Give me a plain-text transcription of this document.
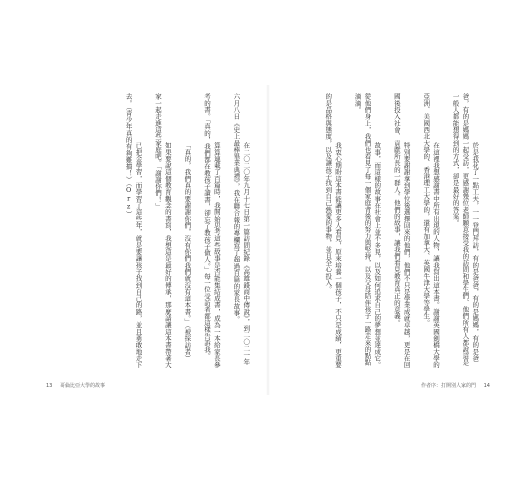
在二〇二〇年九月十七日第一篇訪問紀錄《高雄錢商中傳說》，到二〇二一年六月八日《史上最棒畢業典禮》，我在聯合報的專欄寫了超過百篇的家長故事。

算算連載了百篇時，我開始思考這些故事是否能集結成書，成為一本給家長參考的書。「真的，我們都在教孩子讀書，卻忘了教孩子做人。」每一位受訪者都這樣告訴我。

「真的，我們真的要謝謝你們，沒有你們我們就沒有這本書。」（被採訪者）

如果要說這個教育觀念的書寫，我想這是最好的傳承，那麼請讓這本書帶著大家一起走進這些家庭吧。「謝謝你們！」

已把金學習，而學習了這些年，就是要讓孩子找到自己的路，並且勇敢地走下去。（青少年真的有夠難搞！）（Orz）

13 哥倫比亞大學的故事

於是我花了一點工夫，一一登門拜訪，有的是爸爸，有的是媽媽，有的是爸爸，有的是媽媽一起受訪，更感謝幾位老師願意接受我的訪問和學生們、他們所有人都說這是一般人都能想得到的方式，卻是最好的答案。

在這裡我想感謝書中所有出現的人物，讓我寫出這本書。謝謝英國劍橋大學的亞洲、美國西北大學的、香港理工大學的，還有加拿大、英國牛津大學等學生。

特別要謝謝拿到學位後選擇回來的他們，他們不只是學業成就卓越，更是在回國後投入社會、貢獻所長的一群人。他們的故事，讓我們看見教育真正的意義。

故事，而這樣的故事在社會上並不多見，以及如何追求自己的夢想並達成它。從他們身上，我們也看見了每一個家庭背後的努力與堅持，以及父母陪伴孩子一路走來的點點滴滴。

我衷心期盼這本書能讓更多人看見，原來培養一個孩子，不只是成績，更重要的是品格與態度，以及讓孩子找到自己熱愛的事物，並且全心投入。

作者序：打開別人家的門 14
